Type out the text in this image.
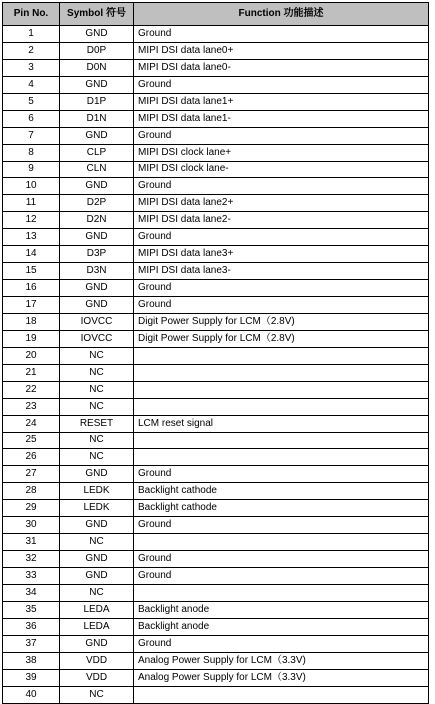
Pin No.	Symbol 符号	Function 功能描述
1	GND	Ground
2	D0P	MIPI DSI data lane0+
3	D0N	MIPI DSI data lane0-
4	GND	Ground
5	D1P	MIPI DSI data lane1+
6	D1N	MIPI DSI data lane1-
7	GND	Ground
8	CLP	MIPI DSI clock lane+
9	CLN	MIPI DSI clock lane-
10	GND	Ground
11	D2P	MIPI DSI data lane2+
12	D2N	MIPI DSI data lane2-
13	GND	Ground
14	D3P	MIPI DSI data lane3+
15	D3N	MIPI DSI data lane3-
16	GND	Ground
17	GND	Ground
18	IOVCC	Digit Power Supply for LCM（2.8V)
19	IOVCC	Digit Power Supply for LCM（2.8V)
20	NC	
21	NC	
22	NC	
23	NC	
24	RESET	LCM reset signal
25	NC	
26	NC	
27	GND	Ground
28	LEDK	Backlight cathode
29	LEDK	Backlight cathode
30	GND	Ground
31	NC	
32	GND	Ground
33	GND	Ground
34	NC	
35	LEDA	Backlight anode
36	LEDA	Backlight anode
37	GND	Ground
38	VDD	Analog Power Supply for LCM（3.3V)
39	VDD	Analog Power Supply for LCM（3.3V)
40	NC	
